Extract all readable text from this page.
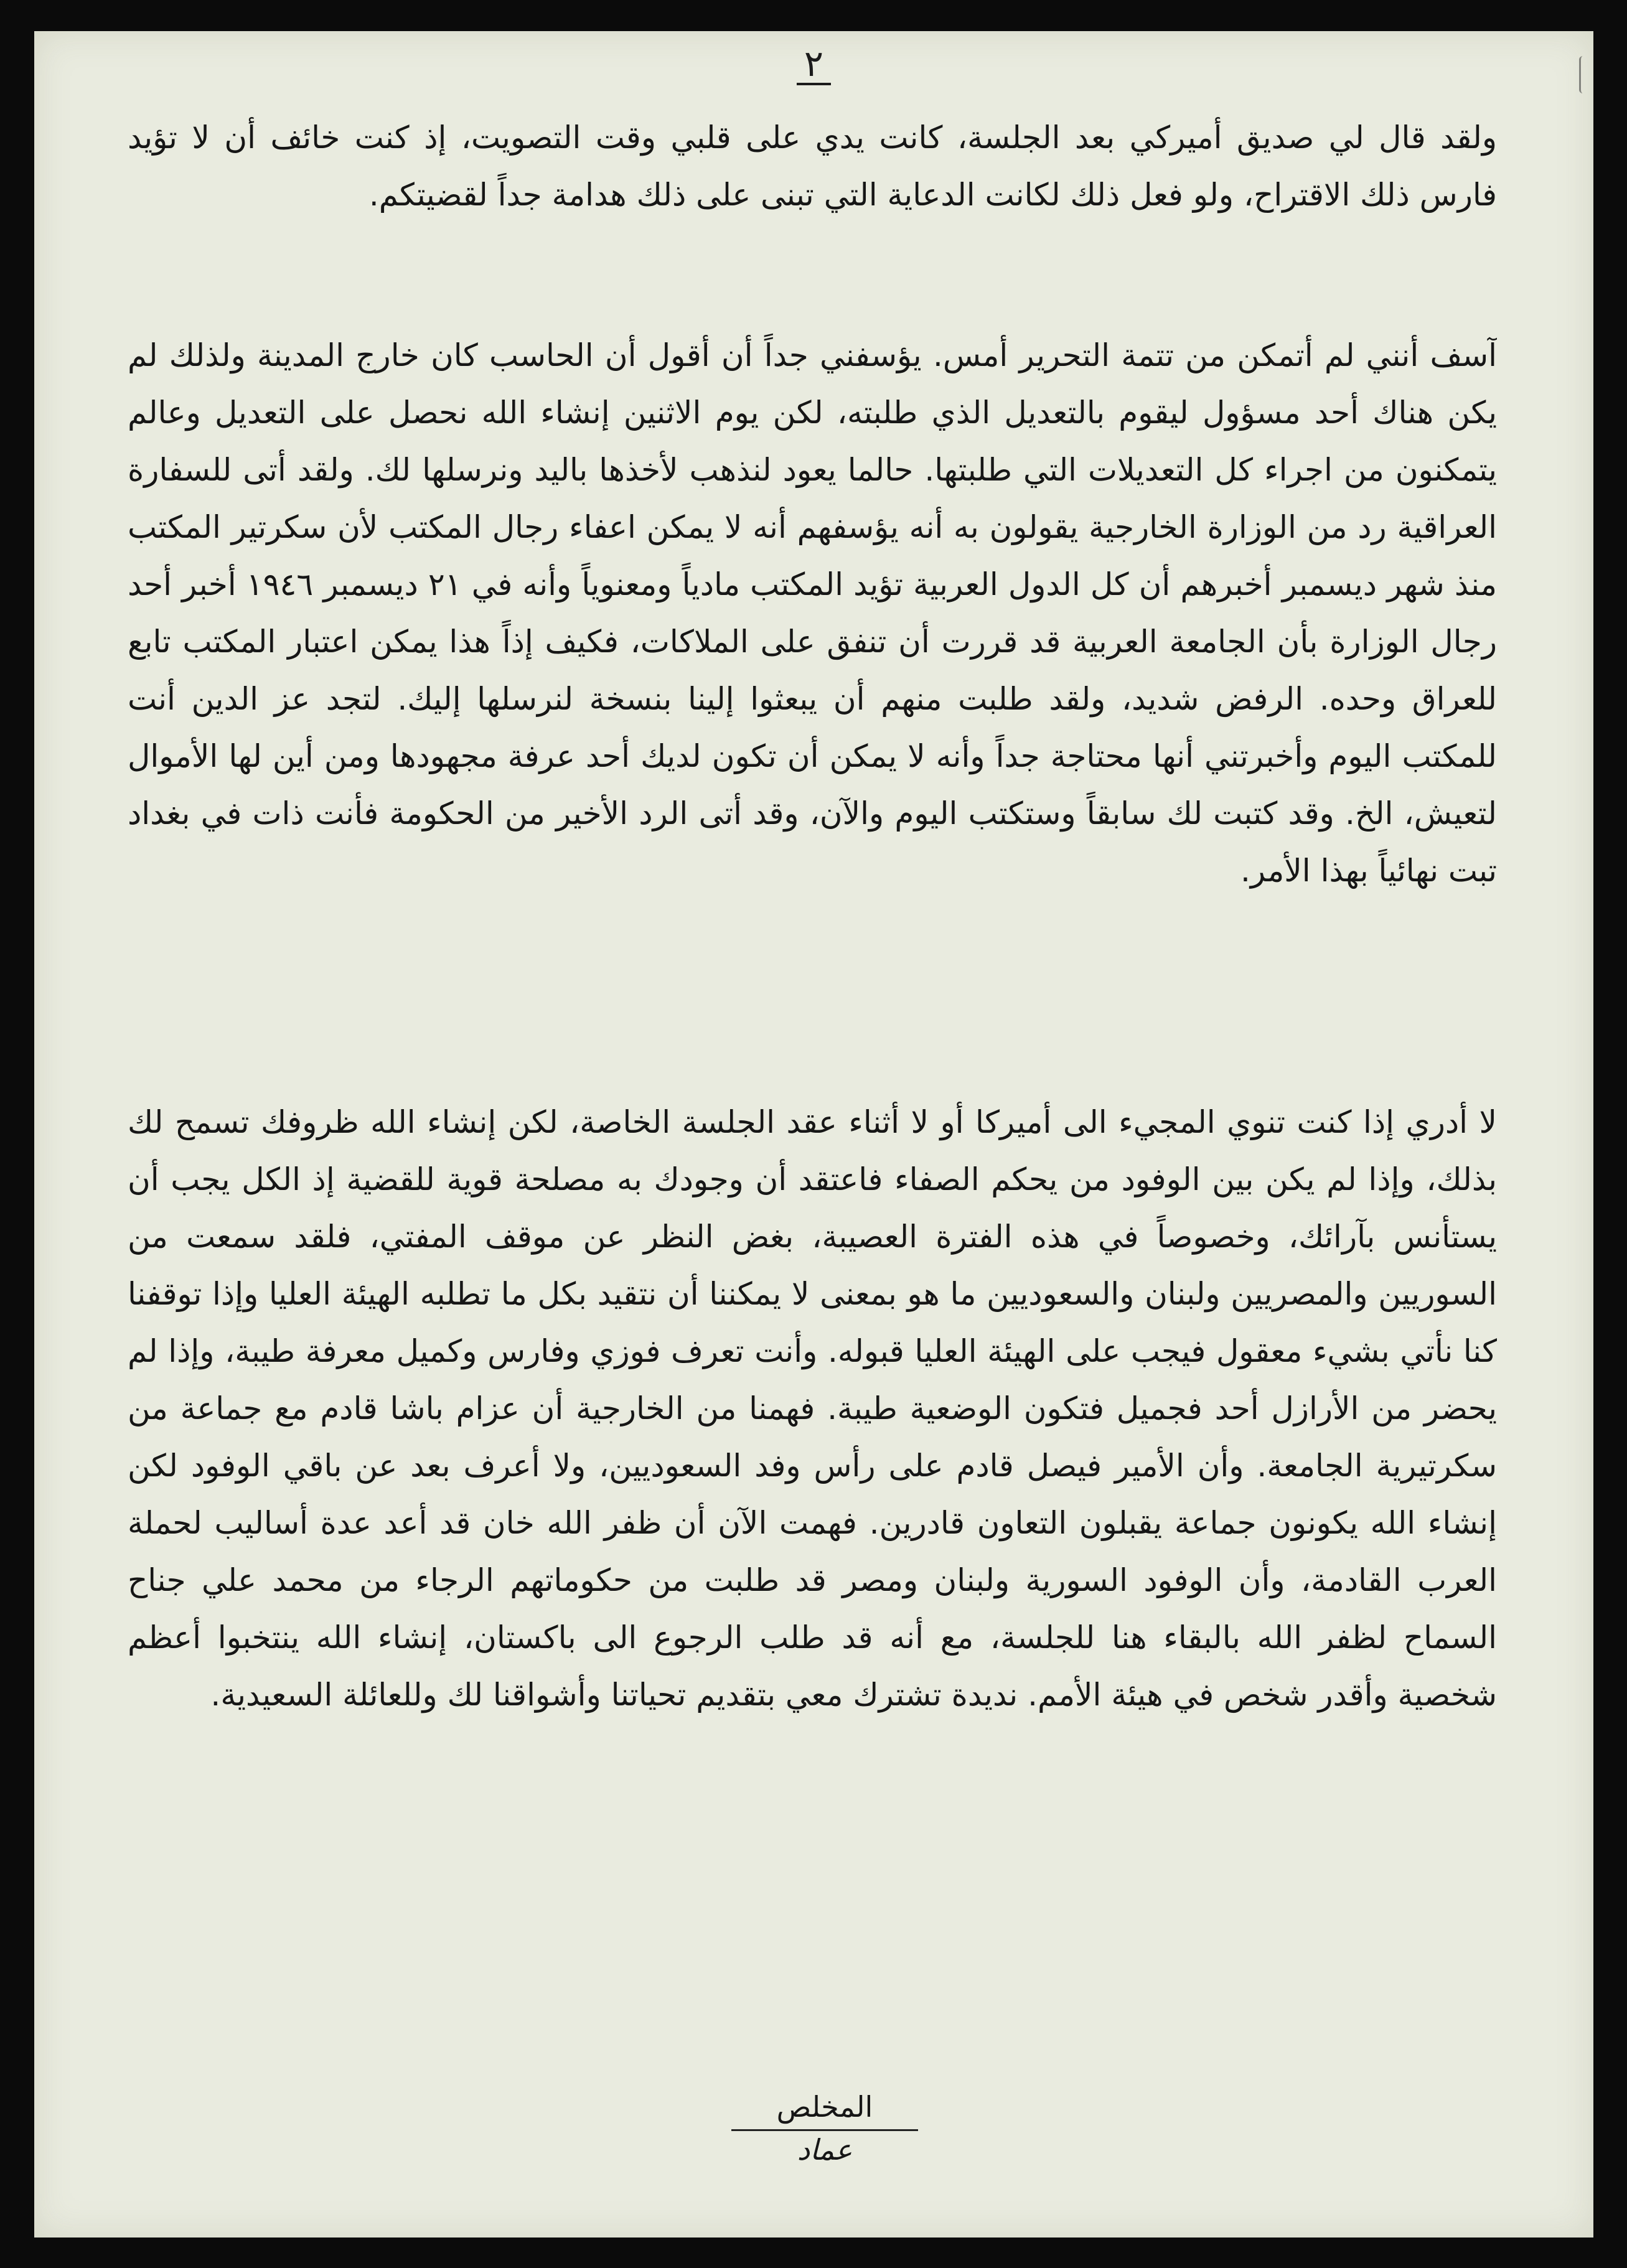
٢

ولقد قال لي صديق أميركي بعد الجلسة، كانت يدي على قلبي وقت التصويت، إذ كنت خائف أن لا تؤيد فارس ذلك الاقتراح، ولو فعل ذلك لكانت الدعاية التي تبنى على ذلك هدامة جداً لقضيتكم.

آسف أنني لم أتمكن من تتمة التحرير أمس. يؤسفني جداً أن أقول أن الحاسب كان خارج المدينة ولذلك لم يكن هناك أحد مسؤول ليقوم بالتعديل الذي طلبته، لكن يوم الاثنين إنشاء الله نحصل على التعديل وعالم يتمكنون من اجراء كل التعديلات التي طلبتها. حالما يعود لنذهب لأخذها باليد ونرسلها لك. ولقد أتى للسفارة العراقية رد من الوزارة الخارجية يقولون به أنه يؤسفهم أنه لا يمكن اعفاء رجال المكتب لأن سكرتير المكتب منذ شهر ديسمبر أخبرهم أن كل الدول العربية تؤيد المكتب مادياً ومعنوياً وأنه في ٢١ ديسمبر ١٩٤٦ أخبر أحد رجال الوزارة بأن الجامعة العربية قد قررت أن تنفق على الملاكات، فكيف إذاً هذا يمكن اعتبار المكتب تابع للعراق وحده. الرفض شديد، ولقد طلبت منهم أن يبعثوا إلينا بنسخة لنرسلها إليك. لتجد عز الدين أنت للمكتب اليوم وأخبرتني أنها محتاجة جداً وأنه لا يمكن أن تكون لديك أحد عرفة مجهودها ومن أين لها الأموال لتعيش، الخ. وقد كتبت لك سابقاً وستكتب اليوم والآن، وقد أتى الرد الأخير من الحكومة فأنت ذات في بغداد تبت نهائياً بهذا الأمر.

لا أدري إذا كنت تنوي المجيء الى أميركا أو لا أثناء عقد الجلسة الخاصة، لكن إنشاء الله ظروفك تسمح لك بذلك، وإذا لم يكن بين الوفود من يحكم الصفاء فاعتقد أن وجودك به مصلحة قوية للقضية إذ الكل يجب أن يستأنس بآرائك، وخصوصاً في هذه الفترة العصيبة، بغض النظر عن موقف المفتي، فلقد سمعت من السوريين والمصريين ولبنان والسعوديين ما هو بمعنى لا يمكننا أن نتقيد بكل ما تطلبه الهيئة العليا وإذا توقفنا كنا نأتي بشيء معقول فيجب على الهيئة العليا قبوله. وأنت تعرف فوزي وفارس وكميل معرفة طيبة، وإذا لم يحضر من الأرازل أحد فجميل فتكون الوضعية طيبة. فهمنا من الخارجية أن عزام باشا قادم مع جماعة من سكرتيرية الجامعة. وأن الأمير فيصل قادم على رأس وفد السعوديين، ولا أعرف بعد عن باقي الوفود لكن إنشاء الله يكونون جماعة يقبلون التعاون قادرين. فهمت الآن أن ظفر الله خان قد أعد عدة أساليب لحملة العرب القادمة، وأن الوفود السورية ولبنان ومصر قد طلبت من حكوماتهم الرجاء من محمد علي جناح السماح لظفر الله بالبقاء هنا للجلسة، مع أنه قد طلب الرجوع الى باكستان، إنشاء الله ينتخبوا أعظم شخصية وأقدر شخص في هيئة الأمم. نديدة تشترك معي بتقديم تحياتنا وأشواقنا لك وللعائلة السعيدية.

المخلص
عماد
